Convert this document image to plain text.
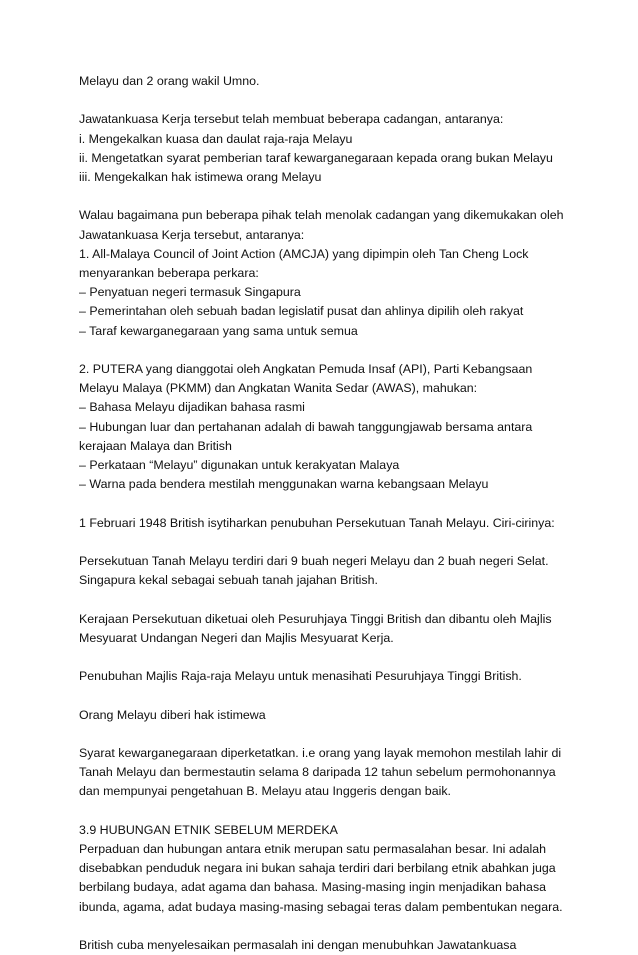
Melayu dan 2 orang wakil Umno.
Jawatankuasa Kerja tersebut telah membuat beberapa cadangan, antaranya:
i. Mengekalkan kuasa dan daulat raja-raja Melayu
ii. Mengetatkan syarat pemberian taraf kewarganegaraan kepada orang bukan Melayu
iii. Mengekalkan hak istimewa orang Melayu
Walau bagaimana pun beberapa pihak telah menolak cadangan yang dikemukakan oleh
Jawatankuasa Kerja tersebut, antaranya:
1. All-Malaya Council of Joint Action (AMCJA) yang dipimpin oleh Tan Cheng Lock
menyarankan beberapa perkara:
– Penyatuan negeri termasuk Singapura
– Pemerintahan oleh sebuah badan legislatif pusat dan ahlinya dipilih oleh rakyat
– Taraf kewarganegaraan yang sama untuk semua
2. PUTERA yang dianggotai oleh Angkatan Pemuda Insaf (API), Parti Kebangsaan
Melayu Malaya (PKMM) dan Angkatan Wanita Sedar (AWAS), mahukan:
– Bahasa Melayu dijadikan bahasa rasmi
– Hubungan luar dan pertahanan adalah di bawah tanggungjawab bersama antara
kerajaan Malaya dan British
– Perkataan “Melayu” digunakan untuk kerakyatan Malaya
– Warna pada bendera mestilah menggunakan warna kebangsaan Melayu
1 Februari 1948 British isytiharkan penubuhan Persekutuan Tanah Melayu. Ciri-cirinya:
Persekutuan Tanah Melayu terdiri dari 9 buah negeri Melayu dan 2 buah negeri Selat.
Singapura kekal sebagai sebuah tanah jajahan British.
Kerajaan Persekutuan diketuai oleh Pesuruhjaya Tinggi British dan dibantu oleh Majlis
Mesyuarat Undangan Negeri dan Majlis Mesyuarat Kerja.
Penubuhan Majlis Raja-raja Melayu untuk menasihati Pesuruhjaya Tinggi British.
Orang Melayu diberi hak istimewa
Syarat kewarganegaraan diperketatkan. i.e orang yang layak memohon mestilah lahir di
Tanah Melayu dan bermestautin selama 8 daripada 12 tahun sebelum permohonannya
dan mempunyai pengetahuan B. Melayu atau Inggeris dengan baik.
3.9 HUBUNGAN ETNIK SEBELUM MERDEKA
Perpaduan dan hubungan antara etnik merupan satu permasalahan besar. Ini adalah
disebabkan penduduk negara ini bukan sahaja terdiri dari berbilang etnik abahkan juga
berbilang budaya, adat agama dan bahasa. Masing-masing ingin menjadikan bahasa
ibunda, agama, adat budaya masing-masing sebagai teras dalam pembentukan negara.
British cuba menyelesaikan permasalah ini dengan menubuhkan Jawatankuasa
